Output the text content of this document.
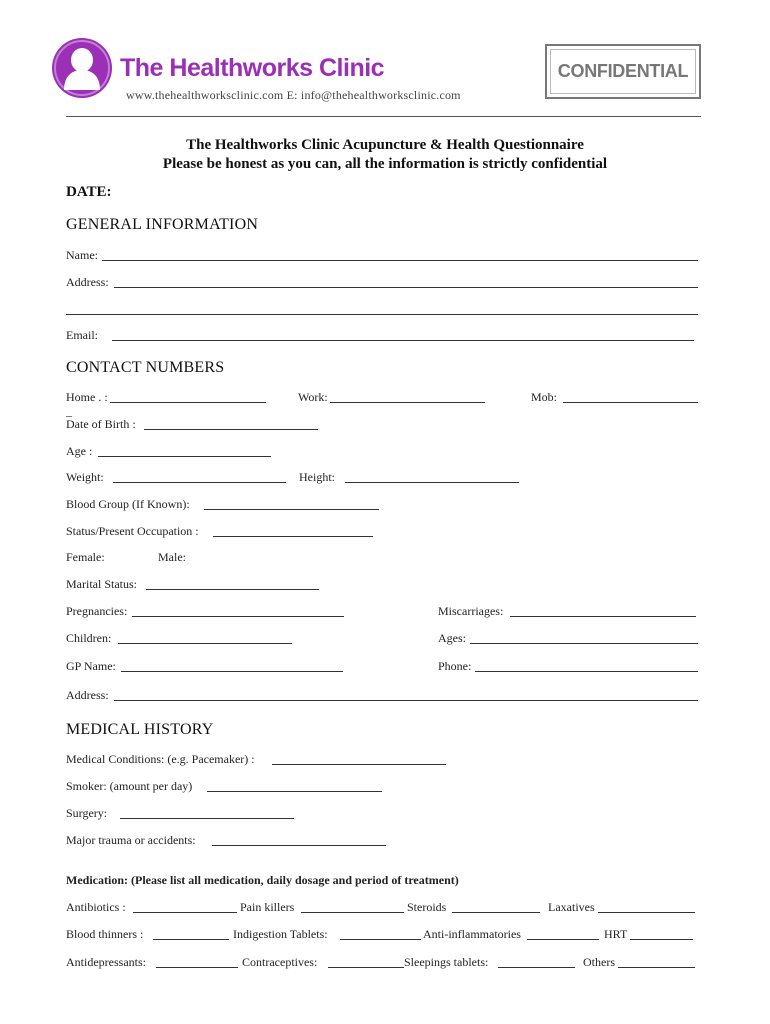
The Healthworks Clinic
www.thehealthworksclinic.com E: info@thehealthworksclinic.com
CONFIDENTIAL
The Healthworks Clinic Acupuncture & Health Questionnaire
Please be honest as you can, all the information is strictly confidential
DATE:
GENERAL INFORMATION
Name:
Address:
Email:
CONTACT NUMBERS
Home . :	Work:	Mob:
_
Date of Birth :
Age :
Weight:	Height:
Blood Group (If Known):
Status/Present Occupation :
Female:	Male:
Marital Status:
Pregnancies:	Miscarriages:
Children:	Ages:
GP Name:	Phone:
Address:
MEDICAL HISTORY
Medical Conditions: (e.g. Pacemaker) :
Smoker: (amount per day)
Surgery:
Major trauma or accidents:
Medication: (Please list all medication, daily dosage and period of treatment)
Antibiotics :	Pain killers	Steroids	Laxatives
Blood thinners :	Indigestion Tablets:	Anti-inflammatories	HRT
Antidepressants:	Contraceptives:	Sleepings tablets:	Others
